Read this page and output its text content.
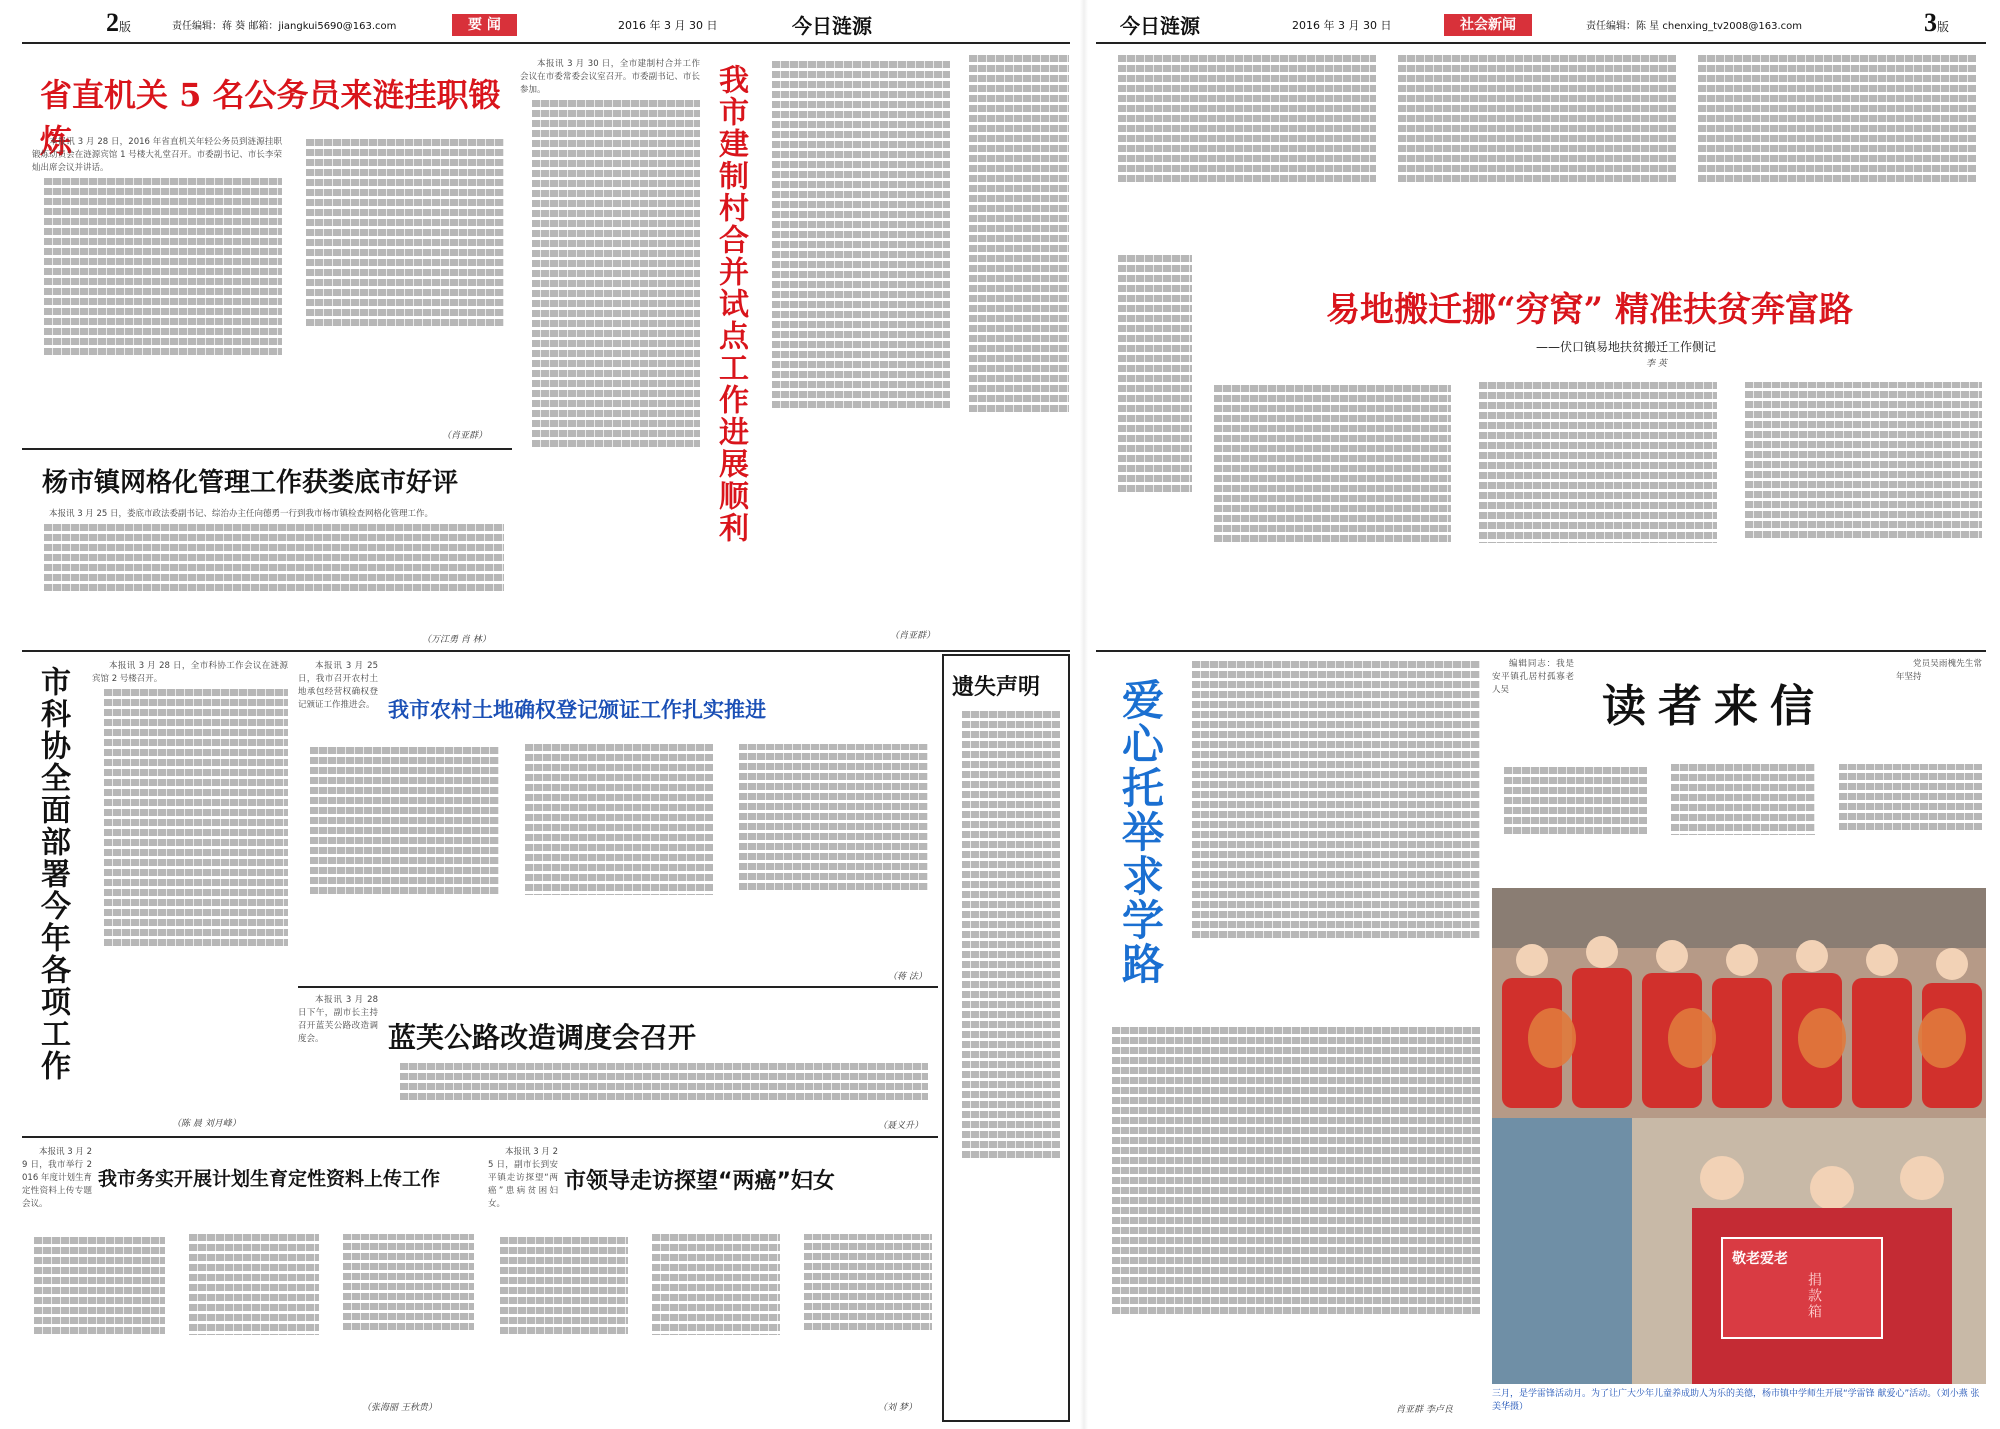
2版	责任编辑：蒋 葵 邮箱：jiangkui5690@163.com	要 闻	2016 年 3 月 30 日	今日涟源
省直机关 5 名公务员来涟挂职锻炼

本报讯 3 月 28 日，2016 年省直机关年轻公务员到涟源挂职锻炼动员会在涟源宾馆 1 号楼大礼堂召开。市委副书记、市长李荣灿出席会议并讲话。

（肖亚群）

本报讯 3 月 30 日，全市建制村合并工作会议在市委常委会议室召开。市委副书记、市长参加。	我市建制村合并试点工作进展顺利
（肖亚群）
杨市镇网格化管理工作获娄底市好评

本报讯 3 月 25 日，娄底市政法委副书记、综治办主任向德勇一行到我市杨市镇检查网格化管理工作。

（万江勇 肖 林）
市科协全面部署今年各项工作	本报讯 3 月 28 日，全市科协工作会议在涟源宾馆 2 号楼召开。

（陈 晨 刘月峰）
我市农村土地确权登记颁证工作扎实推进

本报讯 3 月 25 日，我市召开农村土地承包经营权确权登记颁证工作推进会。

（蒋 法）

本报讯 3 月 28 日下午，副市长主持召开蓝芙公路改造调度会。	蓝芙公路改造调度会召开
（聂义升）
遗失声明

本报讯 3 月 29 日，我市举行 2016 年度计划生育定性资料上传专题会议。

我市务实开展计划生育定性资料上传工作
（张海丽 王秋贵）

本报讯 3 月 25 日，副市长到安平镇走访探望“两癌”患病贫困妇女。

市领导走访探望“两癌”妇女
（刘 梦）
今日涟源	2016 年 3 月 30 日	社会新闻	责任编辑：陈 星 chenxing_tv2008@163.com	3版
易地搬迁挪“穷窝” 精准扶贫奔富路
——伏口镇易地扶贫搬迁工作侧记
李 英
爱心托举求学路
肖亚群 李卢良

编辑同志：我是安平镇孔居村孤寡老人吴	读者来信

党员吴雨槐先生常年坚持

敬老爱老
捐款箱
三月，是学雷锋活动月。为了让广大少年儿童养成助人为乐的美德，杨市镇中学师生开展“学雷锋 献爱心”活动。（刘小燕 张美华摄）
